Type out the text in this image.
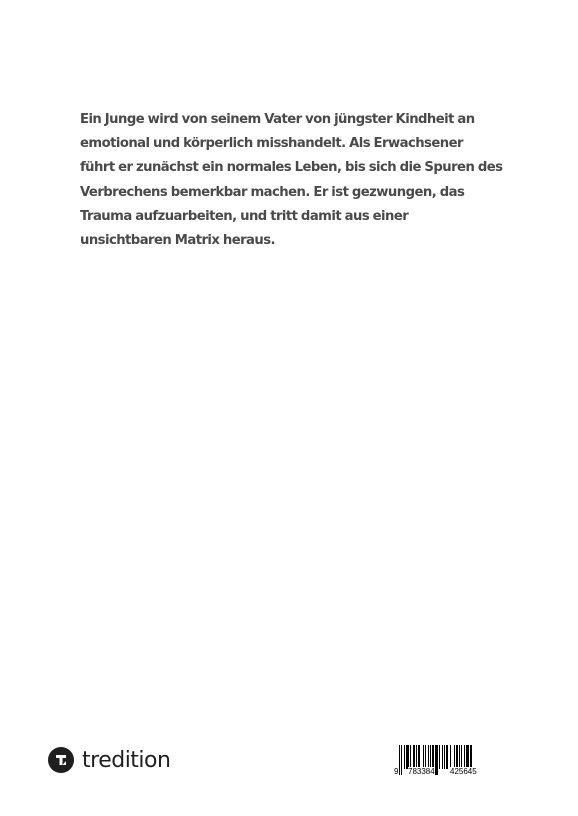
Ein Junge wird von seinem Vater von jüngster Kindheit an
emotional und körperlich misshandelt. Als Erwachsener
führt er zunächst ein normales Leben, bis sich die Spuren des
Verbrechens bemerkbar machen. Er ist gezwungen, das
Trauma aufzuarbeiten, und tritt damit aus einer
unsichtbaren Matrix heraus.

tredition	9 783384 425645
